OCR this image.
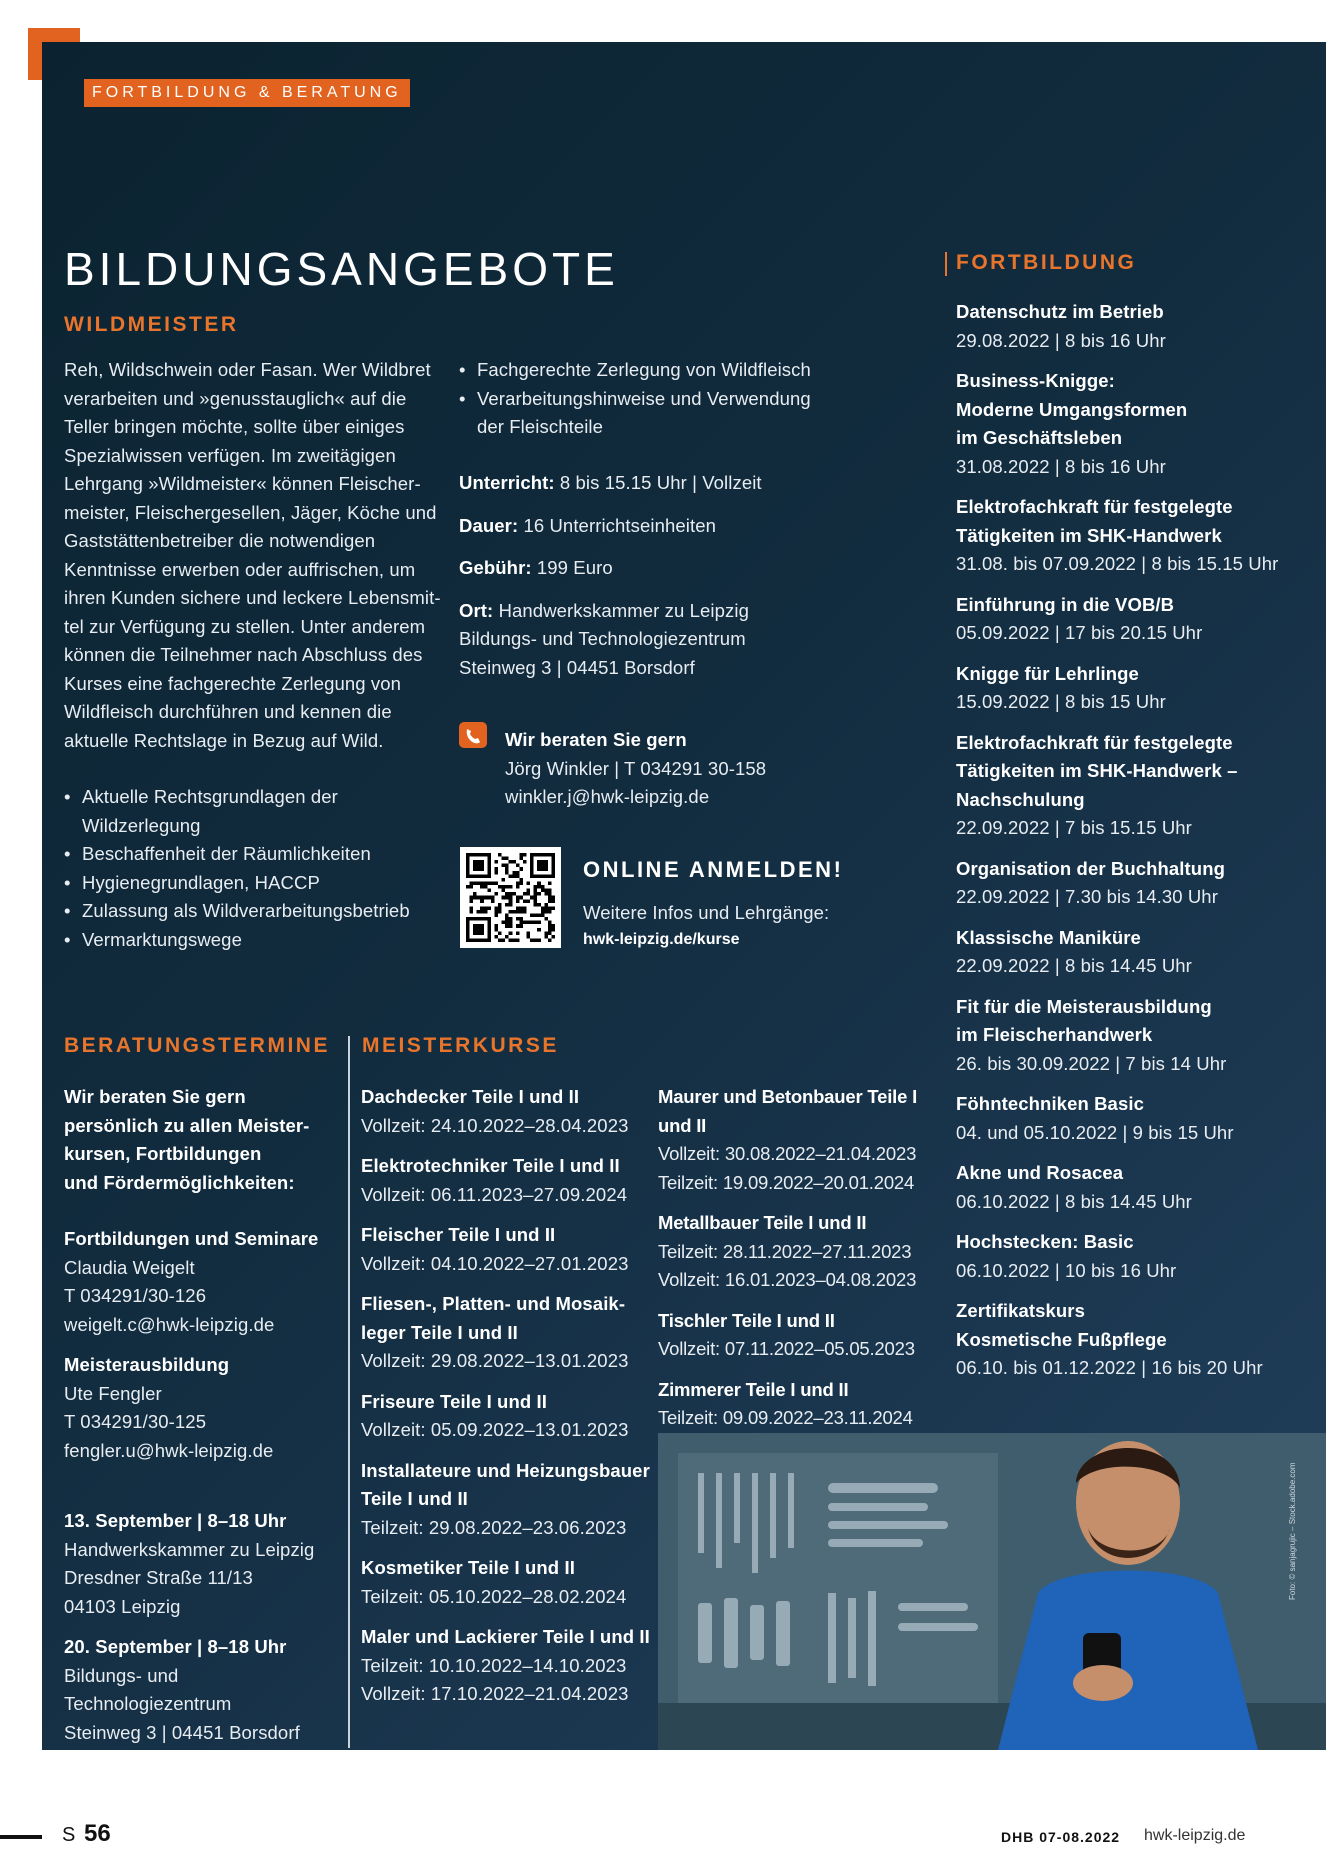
FORTBILDUNG & BERATUNG
BILDUNGSANGEBOTE
WILDMEISTER
Reh, Wildschwein oder Fasan. Wer Wildbret
verarbeiten und »genusstauglich« auf die
Teller bringen möchte, sollte über einiges
Spezialwissen verfügen. Im zweitägigen
Lehrgang »Wildmeister« können Fleischer-
meister, Fleischergesellen, Jäger, Köche und
Gaststättenbetreiber die notwendigen
Kenntnisse erwerben oder auffrischen, um
ihren Kunden sichere und leckere Lebensmit-
tel zur Verfügung zu stellen. Unter anderem
können die Teilnehmer nach Abschluss des
Kurses eine fachgerechte Zerlegung von
Wildfleisch durchführen und kennen die
aktuelle Rechtslage in Bezug auf Wild.
• Aktuelle Rechtsgrundlagen der
Wildzerlegung
• Beschaffenheit der Räumlichkeiten
• Hygienegrundlagen, HACCP
• Zulassung als Wildverarbeitungsbetrieb
• Vermarktungswege
• Fachgerechte Zerlegung von Wildfleisch
• Verarbeitungshinweise und Verwendung
der Fleischteile
Unterricht: 8 bis 15.15 Uhr | Vollzeit
Dauer: 16 Unterrichtseinheiten
Gebühr: 199 Euro
Ort: Handwerkskammer zu Leipzig
Bildungs- und Technologiezentrum
Steinweg 3 | 04451 Borsdorf
Wir beraten Sie gern
Jörg Winkler | T 034291 30-158
winkler.j@hwk-leipzig.de
ONLINE ANMELDEN!
Weitere Infos und Lehrgänge:
hwk-leipzig.de/kurse
FORTBILDUNG
Datenschutz im Betrieb
29.08.2022 | 8 bis 16 Uhr
Business-Knigge:
Moderne Umgangsformen
im Geschäftsleben
31.08.2022 | 8 bis 16 Uhr
Elektrofachkraft für festgelegte
Tätigkeiten im SHK-Handwerk
31.08. bis 07.09.2022 | 8 bis 15.15 Uhr
Einführung in die VOB/B
05.09.2022 | 17 bis 20.15 Uhr
Knigge für Lehrlinge
15.09.2022 | 8 bis 15 Uhr
Elektrofachkraft für festgelegte
Tätigkeiten im SHK-Handwerk –
Nachschulung
22.09.2022 | 7 bis 15.15 Uhr
Organisation der Buchhaltung
22.09.2022 | 7.30 bis 14.30 Uhr
Klassische Maniküre
22.09.2022 | 8 bis 14.45 Uhr
Fit für die Meisterausbildung
im Fleischerhandwerk
26. bis 30.09.2022 | 7 bis 14 Uhr
Föhntechniken Basic
04. und 05.10.2022 | 9 bis 15 Uhr
Akne und Rosacea
06.10.2022 | 8 bis 14.45 Uhr
Hochstecken: Basic
06.10.2022 | 10 bis 16 Uhr
Zertifikatskurs
Kosmetische Fußpflege
06.10. bis 01.12.2022 | 16 bis 20 Uhr
BERATUNGSTERMINE
Wir beraten Sie gern
persönlich zu allen Meister-
kursen, Fortbildungen
und Fördermöglichkeiten:
Fortbildungen und Seminare
Claudia Weigelt
T 034291/30-126
weigelt.c@hwk-leipzig.de
Meisterausbildung
Ute Fengler
T 034291/30-125
fengler.u@hwk-leipzig.de
13. September | 8–18 Uhr
Handwerkskammer zu Leipzig
Dresdner Straße 11/13
04103 Leipzig
20. September | 8–18 Uhr
Bildungs- und Technologiezentrum
Steinweg 3 | 04451 Borsdorf
MEISTERKURSE
Dachdecker Teile I und II
Vollzeit: 24.10.2022–28.04.2023
Elektrotechniker Teile I und II
Vollzeit: 06.11.2023–27.09.2024
Fleischer Teile I und II
Vollzeit: 04.10.2022–27.01.2023
Fliesen-, Platten- und Mosaik-
leger Teile I und II
Vollzeit: 29.08.2022–13.01.2023
Friseure Teile I und II
Vollzeit: 05.09.2022–13.01.2023
Installateure und Heizungsbauer
Teile I und II
Teilzeit: 29.08.2022–23.06.2023
Kosmetiker Teile I und II
Teilzeit: 05.10.2022–28.02.2024
Maler und Lackierer Teile I und II
Teilzeit: 10.10.2022–14.10.2023
Vollzeit: 17.10.2022–21.04.2023
Maurer und Betonbauer Teile I und II
Vollzeit: 30.08.2022–21.04.2023
Teilzeit: 19.09.2022–20.01.2024
Metallbauer Teile I und II
Teilzeit: 28.11.2022–27.11.2023
Vollzeit: 16.01.2023–04.08.2023
Tischler Teile I und II
Vollzeit: 07.11.2022–05.05.2023
Zimmerer Teile I und II
Teilzeit: 09.09.2022–23.11.2024
Foto: © sanjagrujic – Stock.adobe.com
S 56	DHB 07-08.2022 hwk-leipzig.de
